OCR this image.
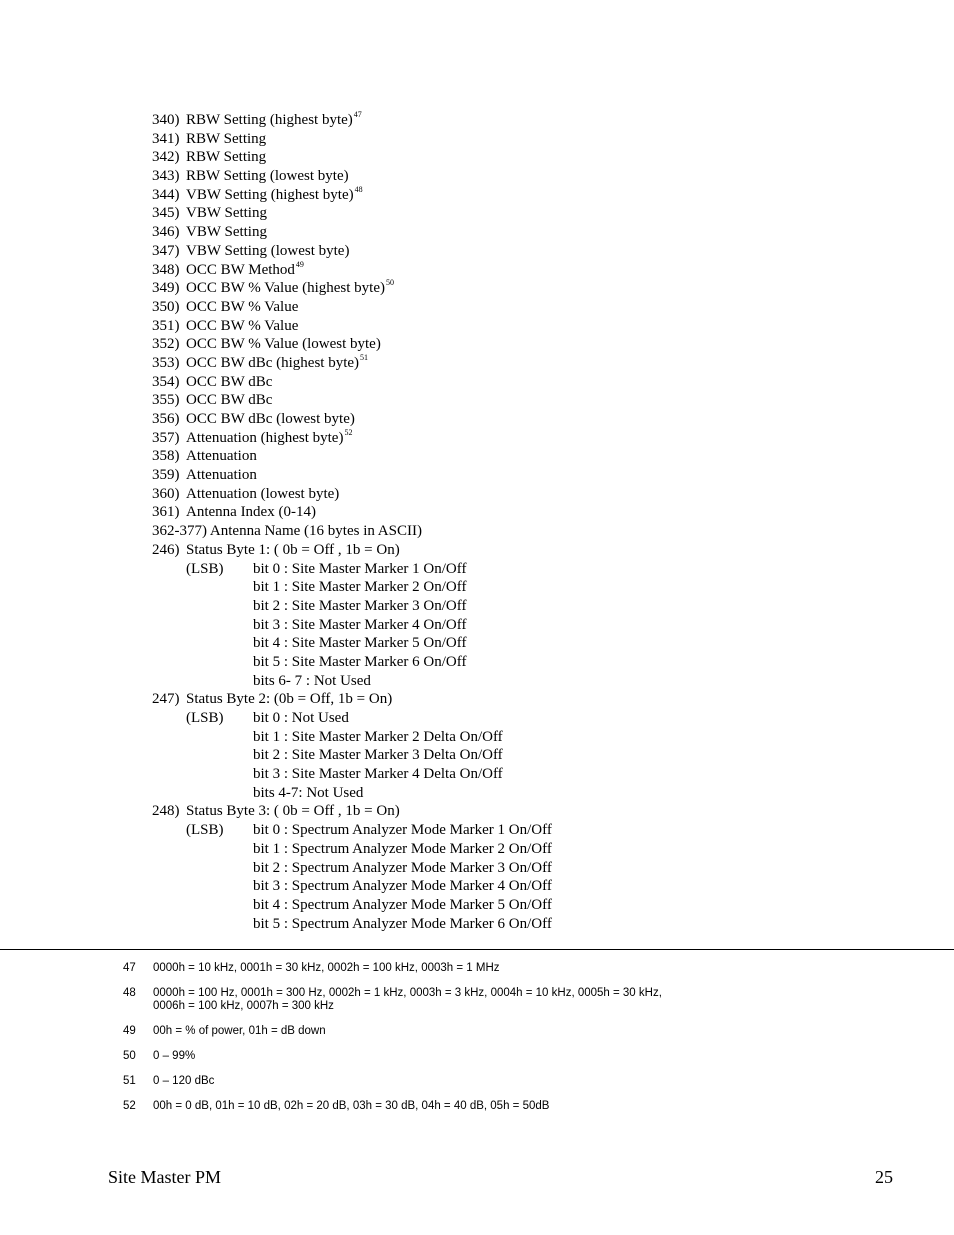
340) RBW Setting (highest byte)$^{47}$
341) RBW Setting
342) RBW Setting
343) RBW Setting (lowest byte)
344) VBW Setting (highest byte)$^{48}$
345) VBW Setting
346) VBW Setting
347) VBW Setting (lowest byte)
348) OCC BW Method$^{49}$
349) OCC BW % Value (highest byte)$^{50}$
350) OCC BW % Value
351) OCC BW % Value
352) OCC BW % Value (lowest byte)
353) OCC BW dBc (highest byte)$^{51}$
354) OCC BW dBc
355) OCC BW dBc
356) OCC BW dBc (lowest byte)
357) Attenuation (highest byte)$^{52}$
358) Attenuation
359) Attenuation
360) Attenuation (lowest byte)
361) Antenna Index (0-14)
362-377) Antenna Name (16 bytes in ASCII)
246) Status Byte 1: ( 0b = Off , 1b = On)
(LSB) bit 0 : Site Master Marker 1 On/Off
bit 1 : Site Master Marker 2 On/Off
bit 2 : Site Master Marker 3 On/Off
bit 3 : Site Master Marker 4 On/Off
bit 4 : Site Master Marker 5 On/Off
bit 5 : Site Master Marker 6 On/Off
bits 6- 7 : Not Used
247) Status Byte 2: (0b = Off, 1b = On)
(LSB) bit 0 : Not Used
bit 1 : Site Master Marker 2 Delta On/Off
bit 2 : Site Master Marker 3 Delta On/Off
bit 3 : Site Master Marker 4 Delta On/Off
bits 4-7: Not Used
248) Status Byte 3: ( 0b = Off , 1b = On)
(LSB) bit 0 : Spectrum Analyzer Mode Marker 1 On/Off
bit 1 : Spectrum Analyzer Mode Marker 2 On/Off
bit 2 : Spectrum Analyzer Mode Marker 3 On/Off
bit 3 : Spectrum Analyzer Mode Marker 4 On/Off
bit 4 : Spectrum Analyzer Mode Marker 5 On/Off
bit 5 : Spectrum Analyzer Mode Marker 6 On/Off
47 0000h = 10 kHz, 0001h = 30 kHz, 0002h = 100 kHz, 0003h = 1 MHz
48 0000h = 100 Hz, 0001h = 300 Hz, 0002h = 1 kHz, 0003h = 3 kHz, 0004h = 10 kHz, 0005h = 30 kHz,
0006h = 100 kHz, 0007h = 300 kHz
49 00h = % of power, 01h = dB down
50 0 – 99%
51 0 – 120 dBc
52 00h = 0 dB, 01h = 10 dB, 02h = 20 dB, 03h = 30 dB, 04h = 40 dB, 05h = 50dB
Site Master PM	25
